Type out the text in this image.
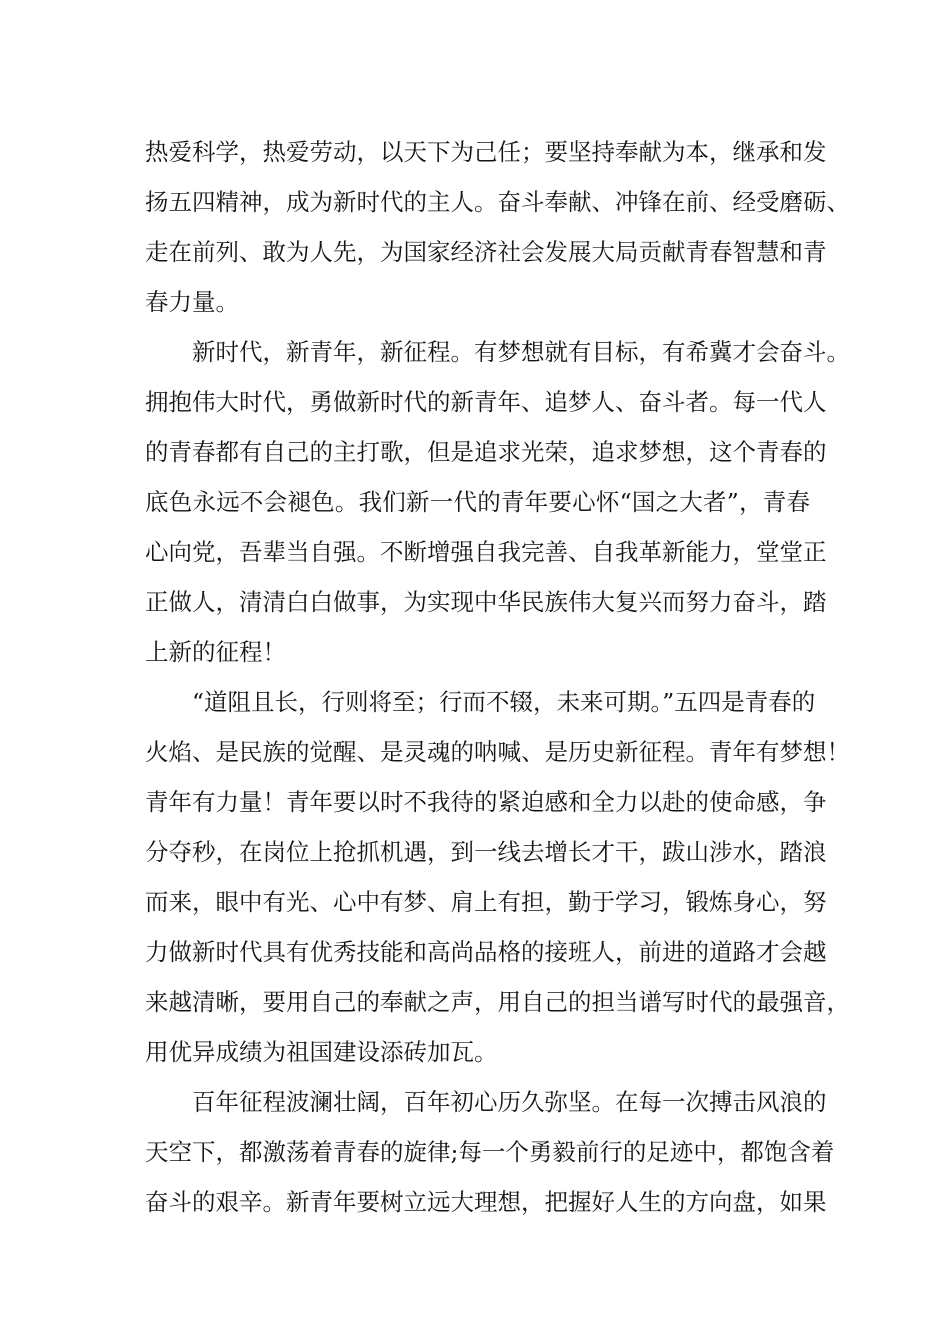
热爱科学，热爱劳动，以天下为己任；要坚持奉献为本，继承和发
扬五四精神，成为新时代的主人。奋斗奉献、冲锋在前、经受磨砺、
走在前列、敢为人先，为国家经济社会发展大局贡献青春智慧和青
春力量。
新时代，新青年，新征程。有梦想就有目标，有希冀才会奋斗。
拥抱伟大时代，勇做新时代的新青年、追梦人、奋斗者。每一代人
的青春都有自己的主打歌，但是追求光荣，追求梦想，这个青春的
底色永远不会褪色。我们新一代的青年要心怀“国之大者”，青春
心向党，吾辈当自强。不断增强自我完善、自我革新能力，堂堂正
正做人，清清白白做事，为实现中华民族伟大复兴而努力奋斗，踏
上新的征程！
“道阻且长，行则将至；行而不辍，未来可期。”五四是青春的
火焰、是民族的觉醒、是灵魂的呐喊、是历史新征程。青年有梦想！
青年有力量！青年要以时不我待的紧迫感和全力以赴的使命感，争
分夺秒，在岗位上抢抓机遇，到一线去增长才干，跋山涉水，踏浪
而来，眼中有光、心中有梦、肩上有担，勤于学习，锻炼身心，努
力做新时代具有优秀技能和高尚品格的接班人，前进的道路才会越
来越清晰，要用自己的奉献之声，用自己的担当谱写时代的最强音，
用优异成绩为祖国建设添砖加瓦。
百年征程波澜壮阔，百年初心历久弥坚。在每一次搏击风浪的
天空下，都激荡着青春的旋律;每一个勇毅前行的足迹中，都饱含着
奋斗的艰辛。新青年要树立远大理想，把握好人生的方向盘，如果
